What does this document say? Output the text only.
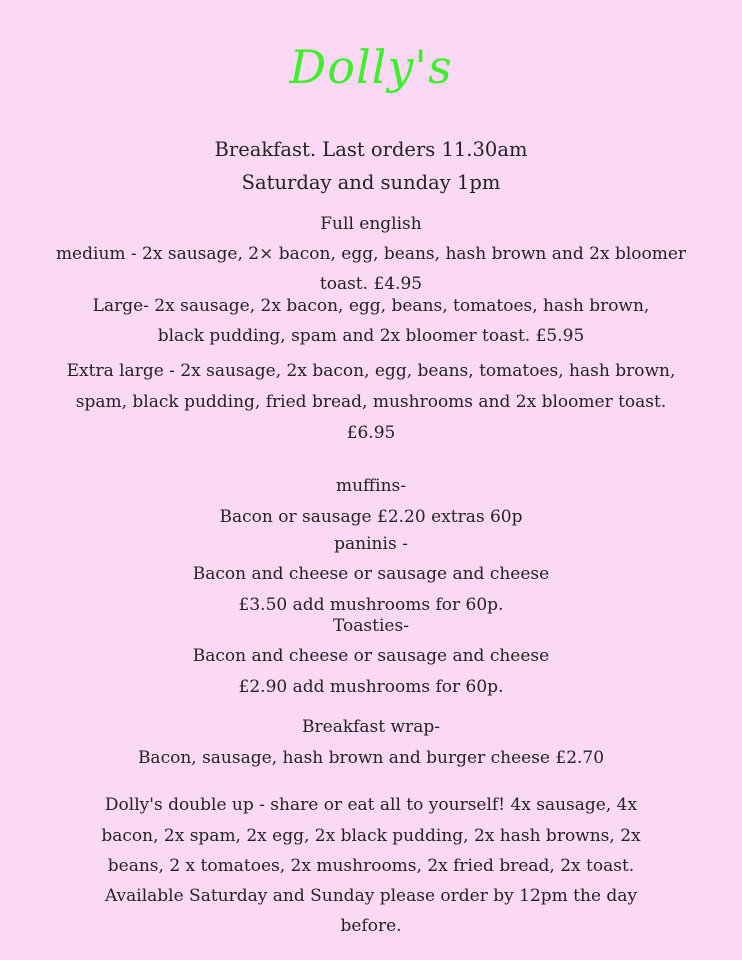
Dolly's
Breakfast. Last orders 11.30am
Saturday and sunday 1pm
Full english
medium - 2x sausage, 2× bacon, egg, beans, hash brown and 2x bloomer
toast. £4.95
Large- 2x sausage, 2x bacon, egg, beans, tomatoes, hash brown,
black pudding, spam and 2x bloomer toast. £5.95
Extra large - 2x sausage, 2x bacon, egg, beans, tomatoes, hash brown,
spam, black pudding, fried bread, mushrooms and 2x bloomer toast.
£6.95
muffins-
Bacon or sausage £2.20 extras 60p
paninis -
Bacon and cheese or sausage and cheese
£3.50 add mushrooms for 60p.
Toasties-
Bacon and cheese or sausage and cheese
£2.90 add mushrooms for 60p.
Breakfast wrap-
Bacon, sausage, hash brown and burger cheese £2.70
Dolly's double up - share or eat all to yourself! 4x sausage, 4x
bacon, 2x spam, 2x egg, 2x black pudding, 2x hash browns, 2x
beans, 2 x tomatoes, 2x mushrooms, 2x fried bread, 2x toast.
Available Saturday and Sunday please order by 12pm the day
before.
